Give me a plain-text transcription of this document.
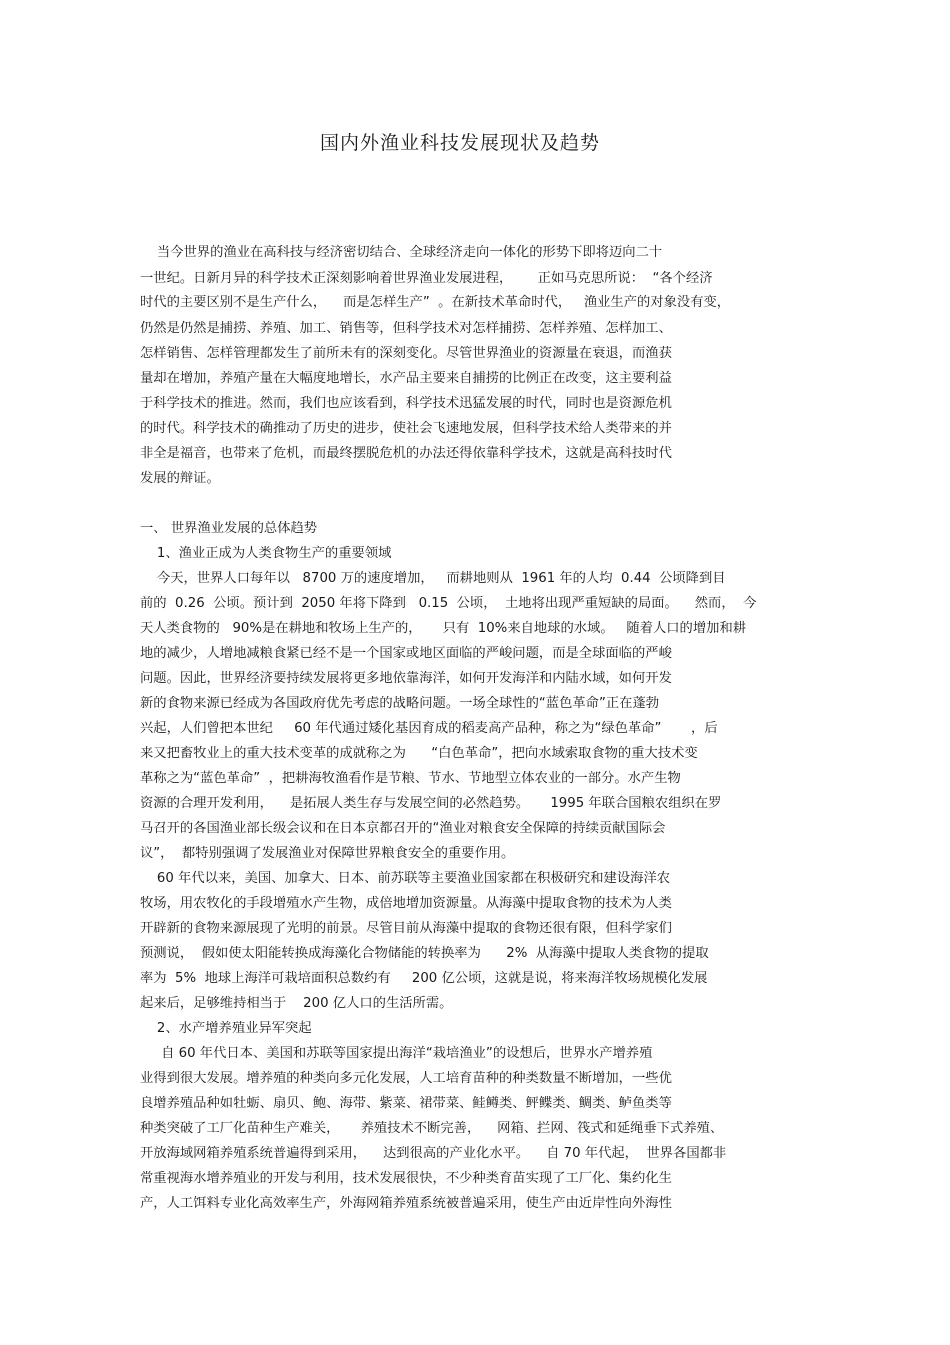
国内外渔业科技发展现状及趋势
当今世界的渔业在高科技与经济密切结合、全球经济走向一体化的形势下即将迈向二十
一世纪。日新月异的科学技术正深刻影响着世界渔业发展进程，      正如马克思所说：  “各个经济
时代的主要区别不是生产什么，    而是怎样生产”  。在新技术革命时代，   渔业生产的对象没有变，
仍然是仍然是捕捞、养殖、加工、销售等，但科学技术对怎样捕捞、怎样养殖、怎样加工、
怎样销售、怎样管理都发生了前所未有的深刻变化。尽管世界渔业的资源量在衰退，而渔获
量却在增加，养殖产量在大幅度地增长，水产品主要来自捕捞的比例正在改变，这主要利益
于科学技术的推进。然而，我们也应该看到，科学技术迅猛发展的时代，同时也是资源危机
的时代。科学技术的确推动了历史的进步，使社会飞速地发展，但科学技术给人类带来的并
非全是福音，也带来了危机，而最终摆脱危机的办法还得依靠科学技术，这就是高科技时代
发展的辩证。
一、 世界渔业发展的总体趋势
1、渔业正成为人类食物生产的重要领域
今天，世界人口每年以   8700 万的速度增加，   而耕地则从  1961 年的人均  0.44  公顷降到目
前的  0.26  公顷。预计到  2050 年将下降到   0.15  公顷，  土地将出现严重短缺的局面。    然而，  今
天人类食物的   90%是在耕地和牧场上生产的，     只有  10%来自地球的水域。   随着人口的增加和耕
地的减少，人增地减粮食紧已经不是一个国家或地区面临的严峻问题，而是全球面临的严峻
问题。因此，世界经济要持续发展将更多地依靠海洋，如何开发海洋和内陆水域，如何开发
新的食物来源已经成为各国政府优先考虑的战略问题。一场全球性的“蓝色革命”正在蓬勃
兴起，人们曾把本世纪     60 年代通过矮化基因育成的稻麦高产品种，称之为“绿色革命”       ，后
来又把畜牧业上的重大技术变革的成就称之为      “白色革命”，把向水域索取食物的重大技术变
革称之为“蓝色革命”  ，把耕海牧渔看作是节粮、节水、节地型立体农业的一部分。水产生物
资源的合理开发利用，    是拓展人类生存与发展空间的必然趋势。     1995 年联合国粮农组织在罗
马召开的各国渔业部长级会议和在日本京都召开的“渔业对粮食安全保障的持续贡献国际会
议”，  都特别强调了发展渔业对保障世界粮食安全的重要作用。
60 年代以来，美国、加拿大、日本、前苏联等主要渔业国家都在积极研究和建设海洋农
牧场，用农牧化的手段增殖水产生物，成倍地增加资源量。从海藻中提取食物的技术为人类
开辟新的食物来源展现了光明的前景。尽管目前从海藻中提取的食物还很有限，但科学家们
预测说，  假如使太阳能转换成海藻化合物储能的转换率为      2%  从海藻中提取人类食物的提取
率为  5%  地球上海洋可栽培面积总数约有     200 亿公顷，这就是说，将来海洋牧场规模化发展
起来后，足够维持相当于    200 亿人口的生活所需。
2、水产增养殖业异军突起
自 60 年代日本、美国和苏联等国家提出海洋“栽培渔业”的设想后，世界水产增养殖
业得到很大发展。增养殖的种类向多元化发展，人工培育苗种的种类数量不断增加，一些优
良增养殖品种如牡蛎、扇贝、鲍、海带、紫菜、裙带菜、鲑鳟类、鲆鲽类、鲷类、鲈鱼类等
种类突破了工厂化苗种生产难关，     养殖技术不断完善，    网箱、拦网、筏式和延绳垂下式养殖、
开放海域网箱养殖系统普遍得到采用，    达到很高的产业化水平。    自 70 年代起，  世界各国都非
常重视海水增养殖业的开发与利用，技术发展很快，不少种类育苗实现了工厂化、集约化生
产，人工饵料专业化高效率生产，外海网箱养殖系统被普遍采用，使生产由近岸性向外海性
